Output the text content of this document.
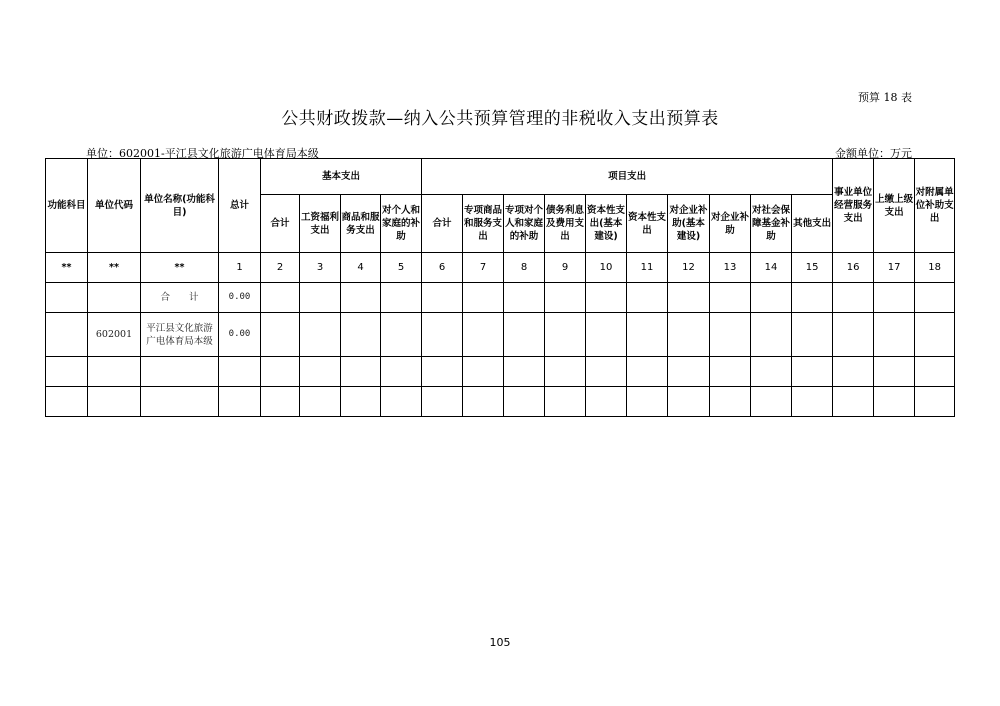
预算 18 表
公共财政拨款—纳入公共预算管理的非税收入支出预算表
单位：602001-平江县文化旅游广电体育局本级	金额单位：万元
功能科目	单位代码	单位名称(功能科目)	总计	基本支出				项目支出										事业单位经营服务支出	上缴上级支出	对附属单位补助支出
				合计	工资福利支出	商品和服务支出	对个人和家庭的补助	合计	专项商品和服务支出	专项对个人和家庭的补助	债务利息及费用支出	资本性支出(基本建设)	资本性支出	对企业补助(基本建设)	对企业补助	对社会保障基金补助	其他支出			
**	**	**	1	2	3	4	5	6	7	8	9	10	11	12	13	14	15	16	17	18
		合　　计	0.00																	
	602001	平江县文化旅游广电体育局本级	0.00																	

105
